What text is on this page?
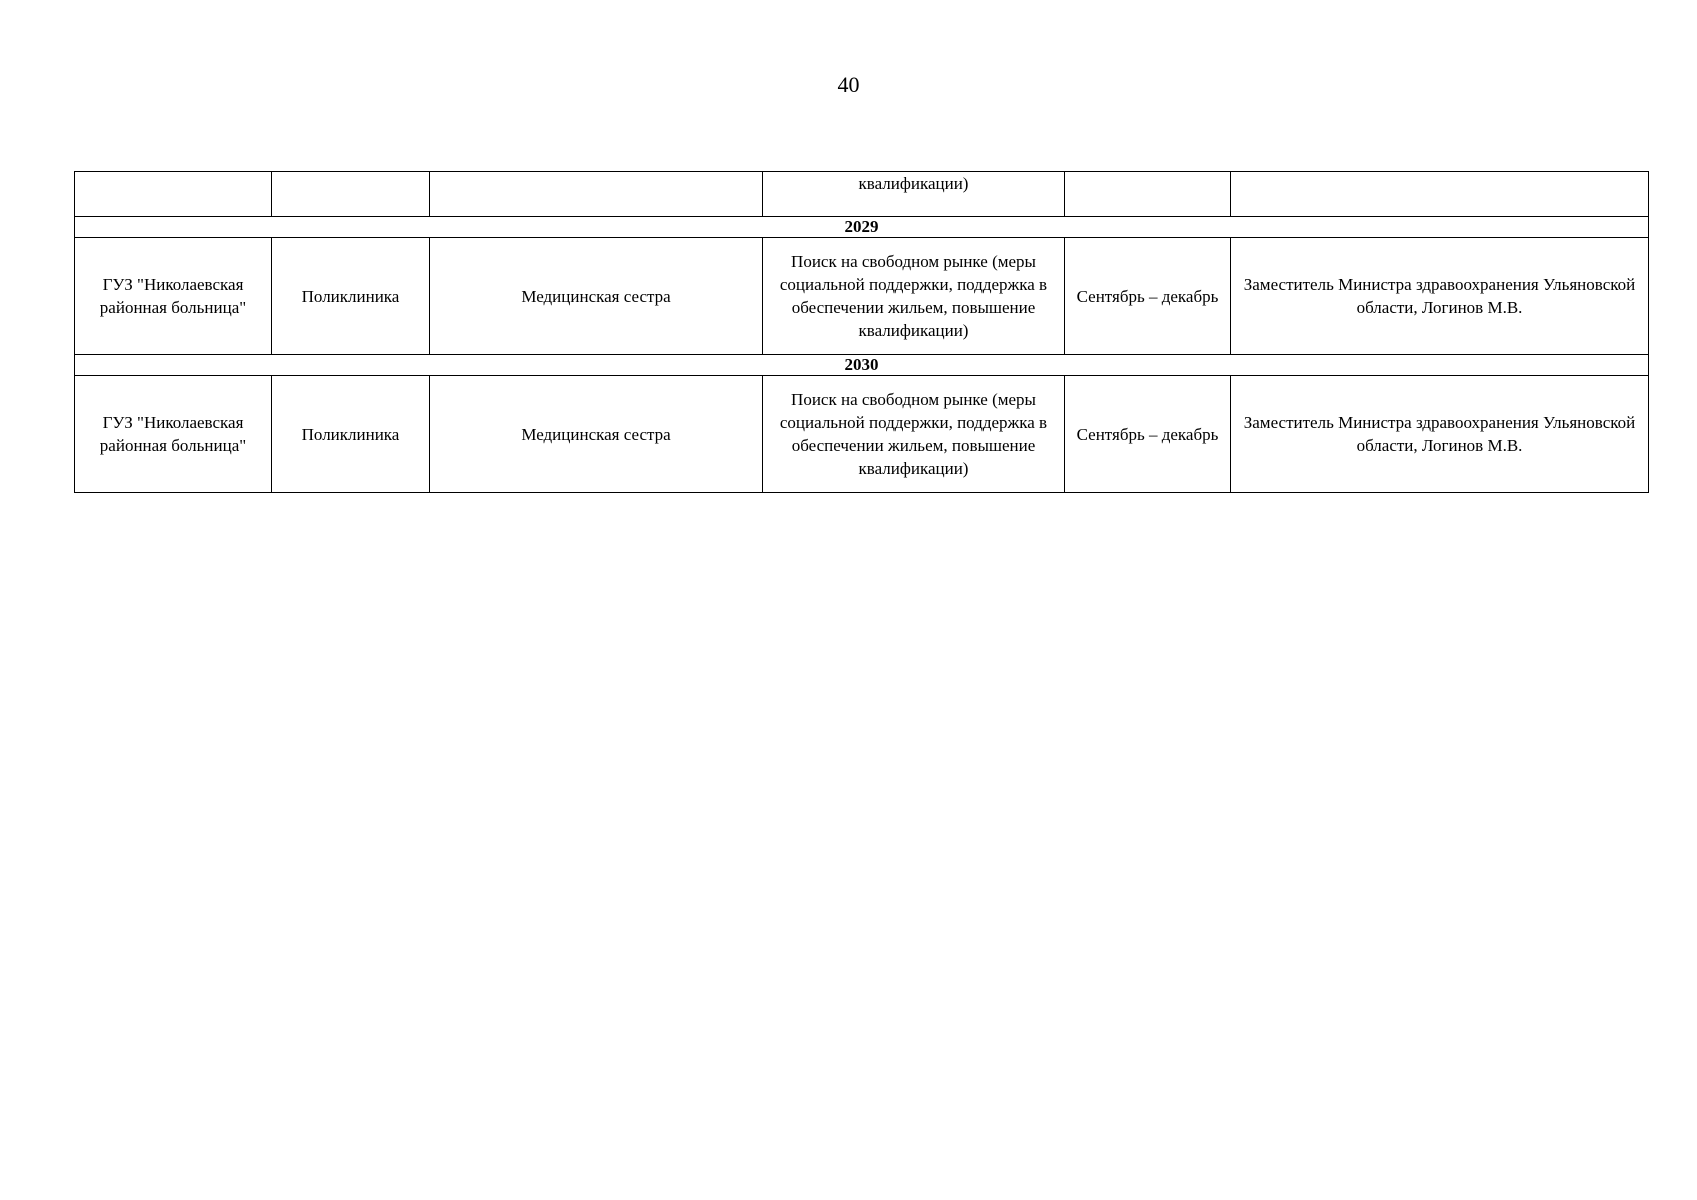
40
			квалификации)		
2029					
ГУЗ "Николаевская районная больница"	Поликлиника	Медицинская сестра	Поиск на свободном рынке (меры социальной поддержки, поддержка в обеспечении жильем, повышение квалификации)	Сентябрь – декабрь	Заместитель Министра здравоохранения Ульяновской области, Логинов М.В.
2030					
ГУЗ "Николаевская районная больница"	Поликлиника	Медицинская сестра	Поиск на свободном рынке (меры социальной поддержки, поддержка в обеспечении жильем, повышение квалификации)	Сентябрь – декабрь	Заместитель Министра здравоохранения Ульяновской области, Логинов М.В.
